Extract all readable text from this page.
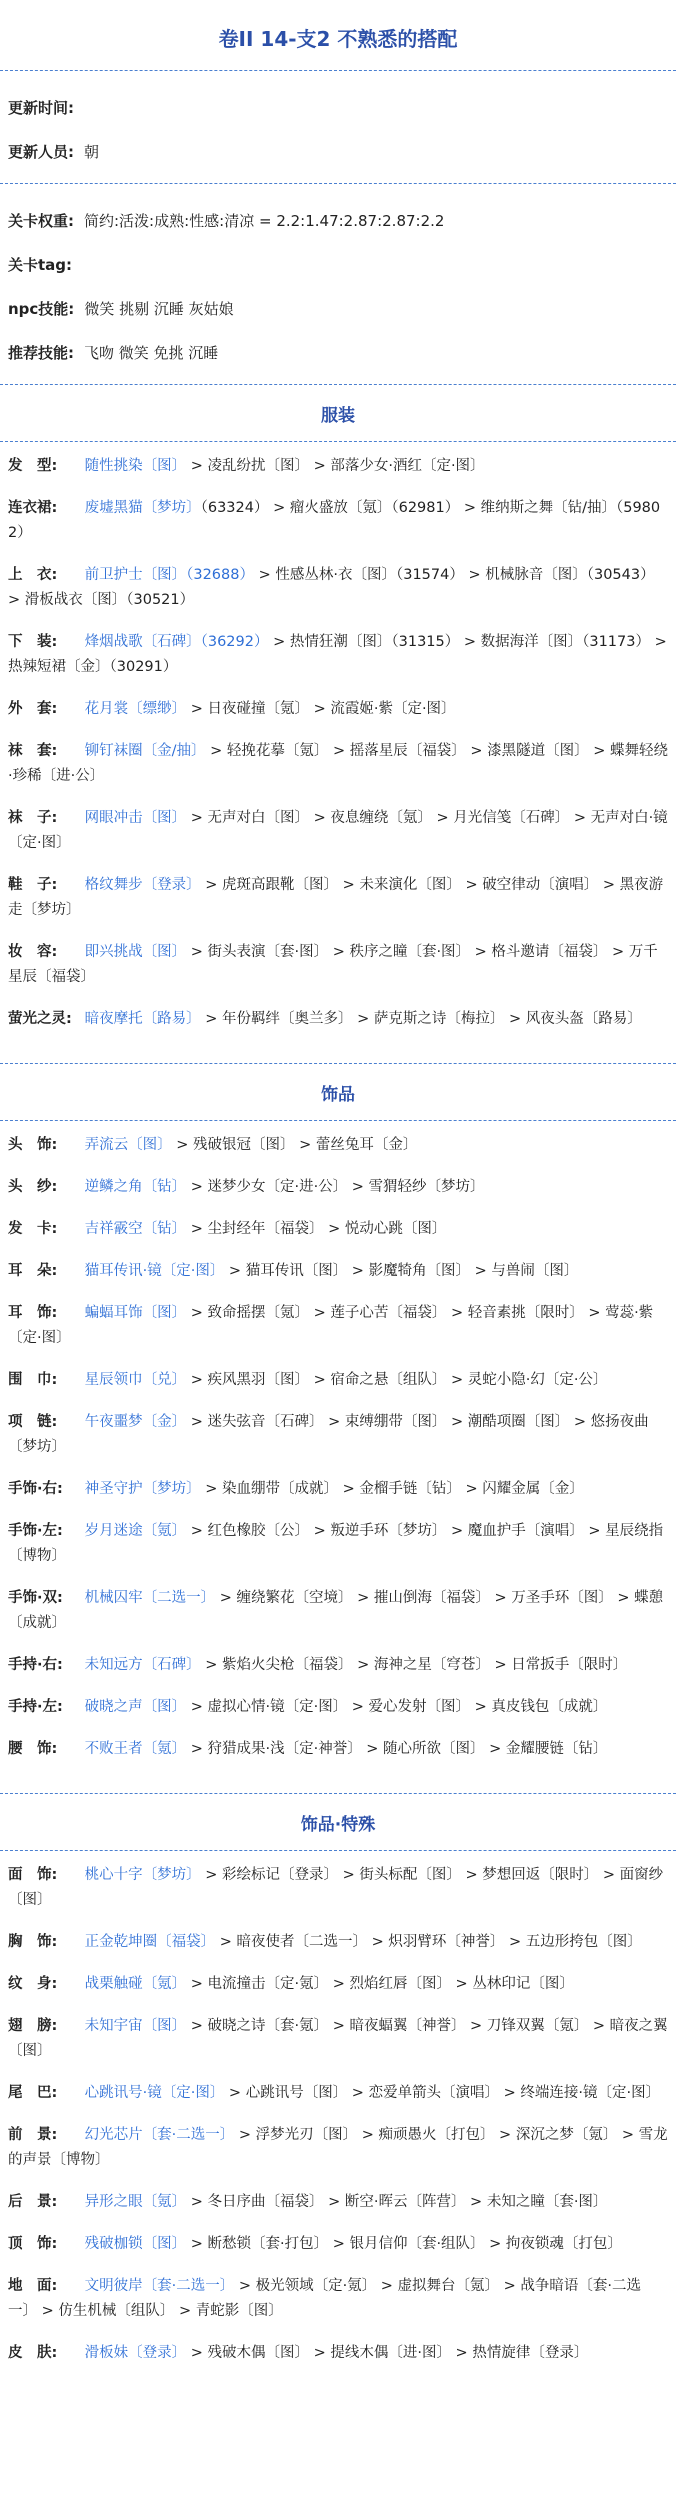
卷II 14-支2 不熟悉的搭配
更新时间:
更新人员: 朝
关卡权重: 简约:活泼:成熟:性感:清凉 = 2.2:1.47:2.87:2.87:2.2
关卡tag:
npc技能: 微笑 挑剔 沉睡 灰姑娘
推荐技能: 飞吻 微笑 免挑 沉睡
服装
发　型: 随性挑染〔图〕 > 凌乱纷扰〔图〕 > 部落少女·酒红〔定·图〕
连衣裙: 废墟黑猫〔梦坊〕（63324） > 瘤火盛放〔氪〕（62981） > 维纳斯之舞〔钻/抽〕（59802）
上　衣: 前卫护士〔图〕（32688） > 性感丛林·衣〔图〕（31574） > 机械脉音〔图〕（30543） > 滑板战衣〔图〕（30521）
下　装: 烽烟战歌〔石碑〕（36292） > 热情狂潮〔图〕（31315） > 数据海洋〔图〕（31173） > 热辣短裙〔金〕（30291）
外　套: 花月裳〔缥缈〕 > 日夜碰撞〔氪〕 > 流霞姬·紫〔定·图〕
袜　套: 铆钉袜圈〔金/抽〕 > 轻挽花摹〔氪〕 > 摇落星辰〔福袋〕 > 漆黑隧道〔图〕 > 蝶舞轻绕·珍稀〔进·公〕
袜　子: 网眼冲击〔图〕 > 无声对白〔图〕 > 夜息缠绕〔氪〕 > 月光信笺〔石碑〕 > 无声对白·镜〔定·图〕
鞋　子: 格纹舞步〔登录〕 > 虎斑高跟靴〔图〕 > 未来演化〔图〕 > 破空律动〔演唱〕 > 黑夜游走〔梦坊〕
妆　容: 即兴挑战〔图〕 > 街头表演〔套·图〕 > 秩序之瞳〔套·图〕 > 格斗邀请〔福袋〕 > 万千星辰〔福袋〕
萤光之灵: 暗夜摩托〔路易〕 > 年份羁绊〔奥兰多〕 > 萨克斯之诗〔梅拉〕 > 风夜头盔〔路易〕
饰品
头　饰: 弄流云〔图〕 > 残破银冠〔图〕 > 蕾丝兔耳〔金〕
头　纱: 逆鳞之角〔钻〕 > 迷梦少女〔定·进·公〕 > 雪猬轻纱〔梦坊〕
发　卡: 吉祥霰空〔钻〕 > 尘封经年〔福袋〕 > 悦动心跳〔图〕
耳　朵: 猫耳传讯·镜〔定·图〕 > 猫耳传讯〔图〕 > 影魔犄角〔图〕 > 与兽闹〔图〕
耳　饰: 蝙蝠耳饰〔图〕 > 致命摇摆〔氪〕 > 莲子心苦〔福袋〕 > 轻音素挑〔限时〕 > 莺蕊·紫〔定·图〕
围　巾: 星辰领巾〔兑〕 > 疾风黑羽〔图〕 > 宿命之悬〔组队〕 > 灵蛇小隐·幻〔定·公〕
项　链: 午夜噩梦〔金〕 > 迷失弦音〔石碑〕 > 束缚绷带〔图〕 > 潮酷项圈〔图〕 > 悠扬夜曲〔梦坊〕
手饰·右: 神圣守护〔梦坊〕 > 染血绷带〔成就〕 > 金榴手链〔钻〕 > 闪耀金属〔金〕
手饰·左: 岁月迷途〔氪〕 > 红色橡胶〔公〕 > 叛逆手环〔梦坊〕 > 魔血护手〔演唱〕 > 星辰绕指〔博物〕
手饰·双: 机械囚牢〔二选一〕 > 缠绕繁花〔空境〕 > 摧山倒海〔福袋〕 > 万圣手环〔图〕 > 蝶憩〔成就〕
手持·右: 未知远方〔石碑〕 > 紫焰火尖枪〔福袋〕 > 海神之星〔穹苍〕 > 日常扳手〔限时〕
手持·左: 破晓之声〔图〕 > 虚拟心情·镜〔定·图〕 > 爱心发射〔图〕 > 真皮钱包〔成就〕
腰　饰: 不败王者〔氪〕 > 狩猎成果·浅〔定·神誉〕 > 随心所欲〔图〕 > 金耀腰链〔钻〕
饰品·特殊
面　饰: 桃心十字〔梦坊〕 > 彩绘标记〔登录〕 > 街头标配〔图〕 > 梦想回返〔限时〕 > 面窗纱〔图〕
胸　饰: 正金乾坤圈〔福袋〕 > 暗夜使者〔二选一〕 > 炽羽臂环〔神誉〕 > 五边形挎包〔图〕
纹　身: 战栗触碰〔氪〕 > 电流撞击〔定·氪〕 > 烈焰红唇〔图〕 > 丛林印记〔图〕
翅　膀: 未知宇宙〔图〕 > 破晓之诗〔套·氪〕 > 暗夜蝠翼〔神誉〕 > 刀锋双翼〔氪〕 > 暗夜之翼〔图〕
尾　巴: 心跳讯号·镜〔定·图〕 > 心跳讯号〔图〕 > 恋爱单箭头〔演唱〕 > 终端连接·镜〔定·图〕
前　景: 幻光芯片〔套·二选一〕 > 浮梦光刃〔图〕 > 痴顽愚火〔打包〕 > 深沉之梦〔氪〕 > 雪龙的声景〔博物〕
后　景: 异形之眼〔氪〕 > 冬日序曲〔福袋〕 > 断空·晖云〔阵营〕 > 未知之瞳〔套·图〕
顶　饰: 残破枷锁〔图〕 > 断愁锁〔套·打包〕 > 银月信仰〔套·组队〕 > 拘夜锁魂〔打包〕
地　面: 文明彼岸〔套·二选一〕 > 极光领域〔定·氪〕 > 虚拟舞台〔氪〕 > 战争暗语〔套·二选一〕 > 仿生机械〔组队〕 > 青蛇影〔图〕
皮　肤: 滑板妹〔登录〕 > 残破木偶〔图〕 > 提线木偶〔进·图〕 > 热情旋律〔登录〕
